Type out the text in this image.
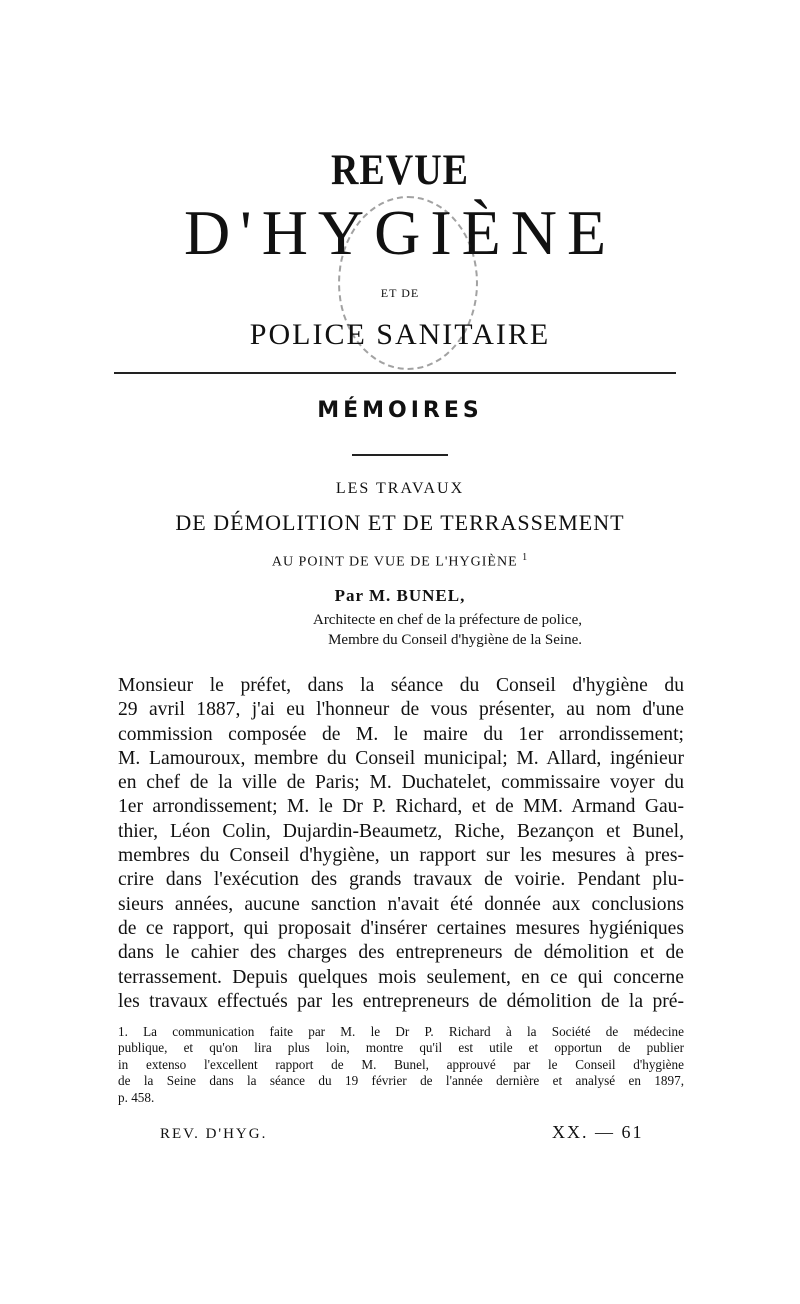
REVUE
D'HYGIÈNE
ET DE
POLICE SANITAIRE
MÉMOIRES
LES TRAVAUX
DE DÉMOLITION ET DE TERRASSEMENT
AU POINT DE VUE DE L'HYGIÈNE $^1$
Par M. BUNEL,
Architecte en chef de la préfecture de police,
Membre du Conseil d'hygiène de la Seine.
Monsieur le préfet, dans la séance du Conseil d'hygiène du
29 avril 1887, j'ai eu l'honneur de vous présenter, au nom d'une
commission composée de M. le maire du 1er arrondissement;
M. Lamouroux, membre du Conseil municipal; M. Allard, ingénieur
en chef de la ville de Paris; M. Duchatelet, commissaire voyer du
1er arrondissement; M. le Dr P. Richard, et de MM. Armand Gau-
thier, Léon Colin, Dujardin-Beaumetz, Riche, Bezançon et Bunel,
membres du Conseil d'hygiène, un rapport sur les mesures à pres-
crire dans l'exécution des grands travaux de voirie. Pendant plu-
sieurs années, aucune sanction n'avait été donnée aux conclusions
de ce rapport, qui proposait d'insérer certaines mesures hygiéniques
dans le cahier des charges des entrepreneurs de démolition et de
terrassement. Depuis quelques mois seulement, en ce qui concerne
les travaux effectués par les entrepreneurs de démolition de la pré-
1. La communication faite par M. le Dr P. Richard à la Société de médecine
publique, et qu'on lira plus loin, montre qu'il est utile et opportun de publier
in extenso l'excellent rapport de M. Bunel, approuvé par le Conseil d'hygiène
de la Seine dans la séance du 19 février de l'année dernière et analysé en 1897,
p. 458.
REV. D'HYG.	XX. — 61
